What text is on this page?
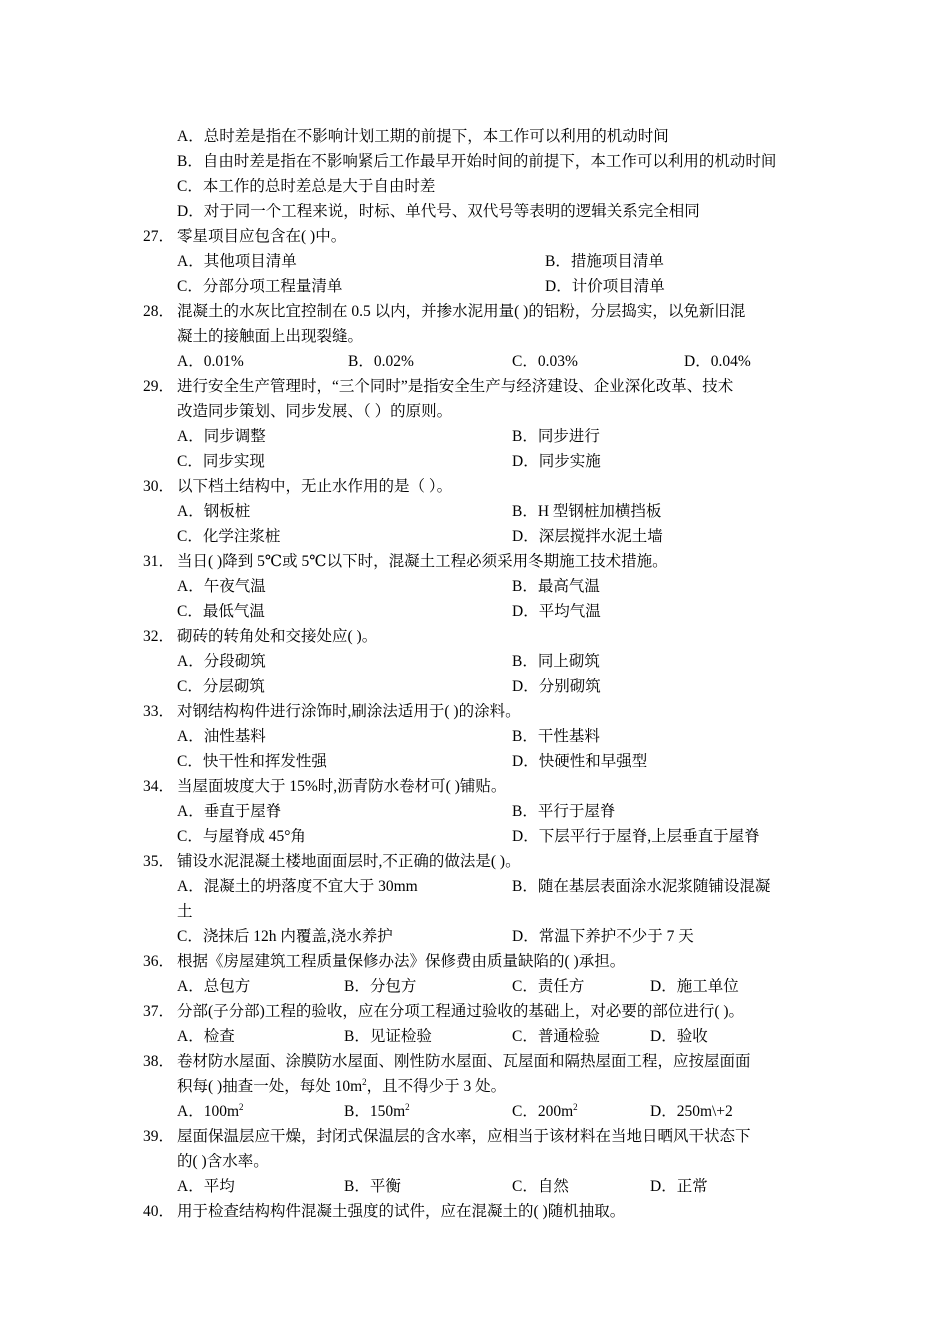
A．总时差是指在不影响计划工期的前提下，本工作可以利用的机动时间
B．自由时差是指在不影响紧后工作最早开始时间的前提下，本工作可以利用的机动时间
C．本工作的总时差总是大于自由时差
D．对于同一个工程来说，时标、单代号、双代号等表明的逻辑关系完全相同
27． 零星项目应包含在( )中。
A．其他项目清单	B．措施项目清单
C．分部分项工程量清单	D．计价项目清单
28． 混凝土的水灰比宜控制在 0.5 以内，并掺水泥用量( )的铝粉，分层捣实，以免新旧混
凝土的接触面上出现裂缝。
A．0.01%	B．0.02%	C．0.03%	D．0.04%
29． 进行安全生产管理时，“三个同时”是指安全生产与经济建设、企业深化改革、技术
改造同步策划、同步发展、（ ）的原则。
A．同步调整	B．同步进行
C．同步实现	D．同步实施
30． 以下档土结构中，无止水作用的是（ ）。
A．钢板桩	B．H 型钢桩加横挡板
C．化学注浆桩	D．深层搅拌水泥土墙
31． 当日( )降到 5℃或 5℃以下时，混凝土工程必须采用冬期施工技术措施。
A．午夜气温	B．最高气温
C．最低气温	D．平均气温
32． 砌砖的转角处和交接处应( )。
A．分段砌筑	B．同上砌筑
C．分层砌筑	D．分别砌筑
33． 对钢结构构件进行涂饰时,刷涂法适用于( )的涂料。
A．油性基料	B．干性基料
C．快干性和挥发性强	D．快硬性和早强型
34． 当屋面坡度大于 15%时,沥青防水卷材可( )铺贴。
A．垂直于屋脊	B．平行于屋脊
C．与屋脊成 45°角	D．下层平行于屋脊,上层垂直于屋脊
35． 铺设水泥混凝土楼地面面层时,不正确的做法是( )。
A．混凝土的坍落度不宜大于 30mm	B．随在基层表面涂水泥浆随铺设混凝
土
C．浇抹后 12h 内覆盖,浇水养护	D．常温下养护不少于 7 天
36． 根据《房屋建筑工程质量保修办法》保修费由质量缺陷的( )承担。
A．总包方	B．分包方	C．责任方	D．施工单位
37． 分部(子分部)工程的验收，应在分项工程通过验收的基础上，对必要的部位进行( )。
A．检查	B．见证检验	C．普通检验	D．验收
38． 卷材防水屋面、涂膜防水屋面、刚性防水屋面、瓦屋面和隔热屋面工程，应按屋面面
积每( )抽查一处，每处 $10m^2$，且不得少于 3 处。
A．$100m^2$	B．$150m^2$	C．$200m^2$	D．250m\+2
39． 屋面保温层应干燥，封闭式保温层的含水率，应相当于该材料在当地日晒风干状态下
的( )含水率。
A．平均	B．平衡	C．自然	D．正常
40． 用于检查结构构件混凝土强度的试件，应在混凝土的( )随机抽取。
